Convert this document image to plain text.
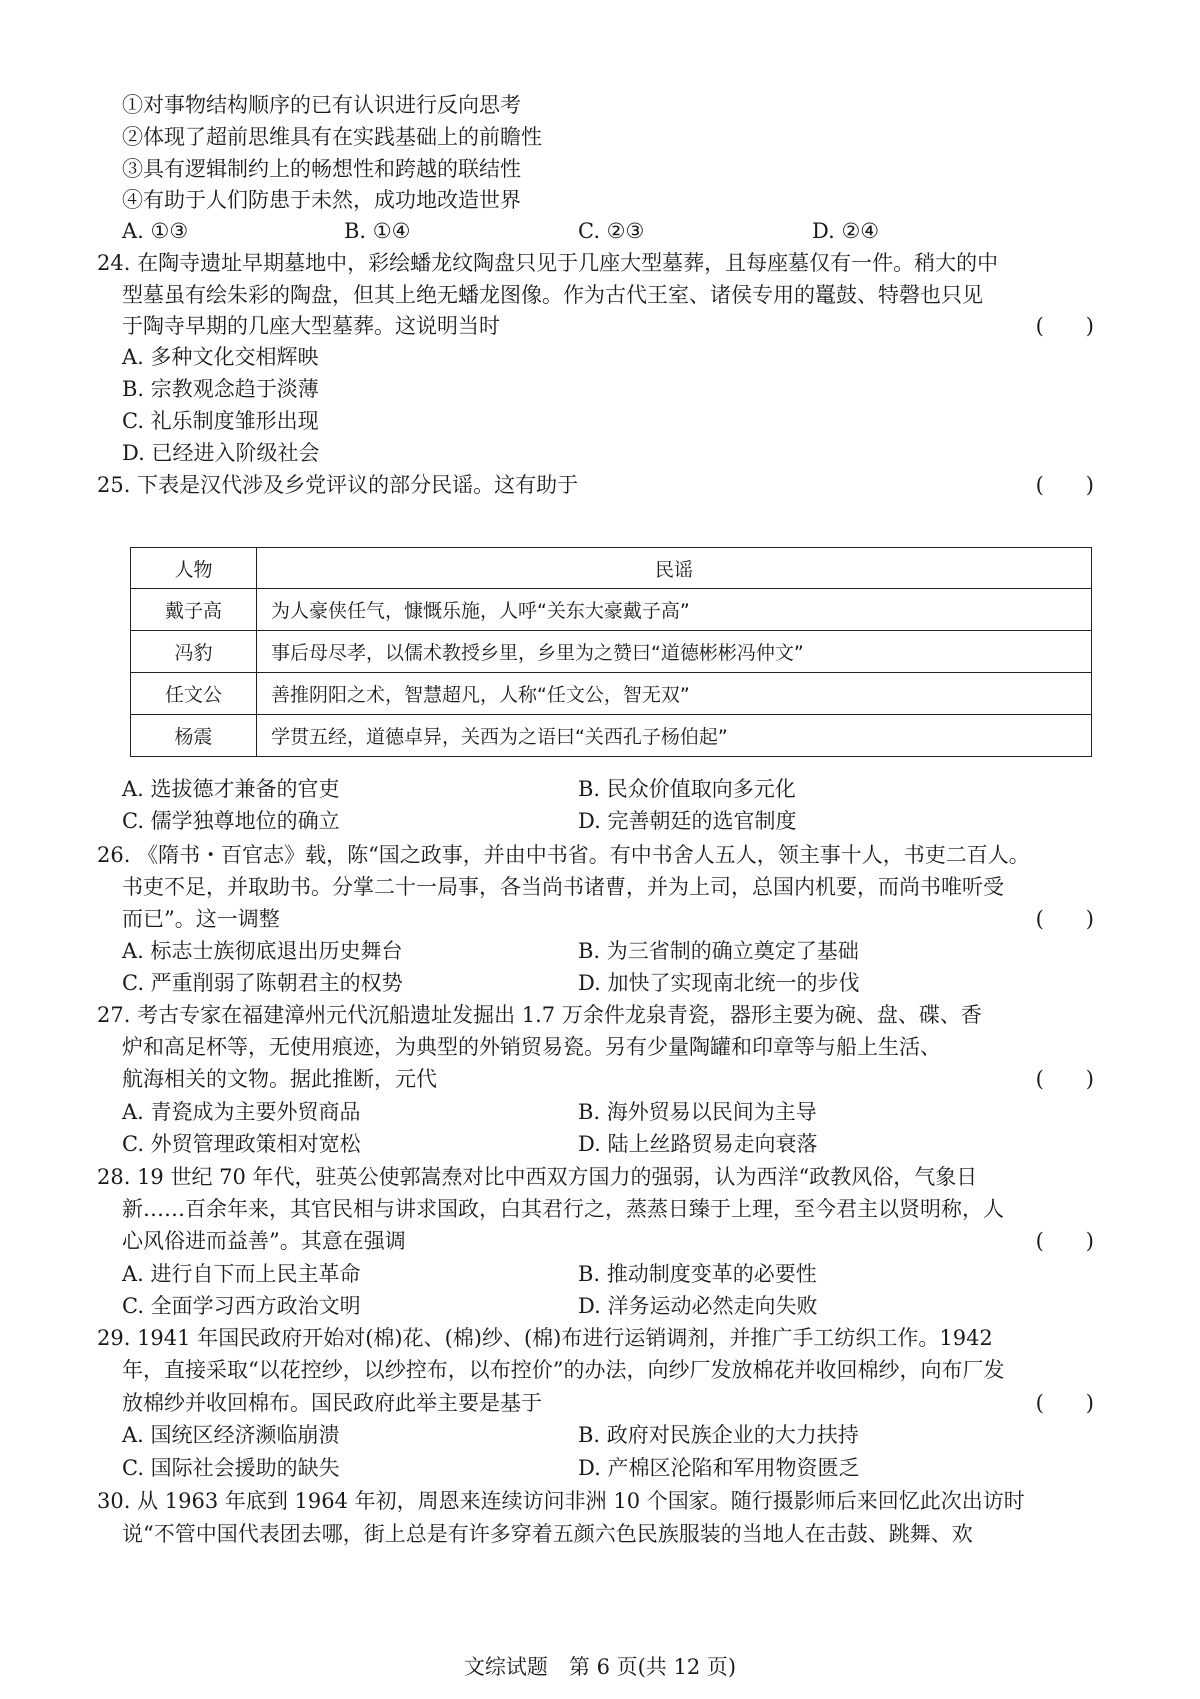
①对事物结构顺序的已有认识进行反向思考
②体现了超前思维具有在实践基础上的前瞻性
③具有逻辑制约上的畅想性和跨越的联结性
④有助于人们防患于未然，成功地改造世界
A. ①③	B. ①④	C. ②③	D. ②④
24. 在陶寺遗址早期墓地中，彩绘蟠龙纹陶盘只见于几座大型墓葬，且每座墓仅有一件。稍大的中
型墓虽有绘朱彩的陶盘，但其上绝无蟠龙图像。作为古代王室、诸侯专用的鼍鼓、特磬也只见
于陶寺早期的几座大型墓葬。这说明当时	(　　)
A. 多种文化交相辉映
B. 宗教观念趋于淡薄
C. 礼乐制度雏形出现
D. 已经进入阶级社会
25. 下表是汉代涉及乡党评议的部分民谣。这有助于	(　　)
人物	民谣
戴子高	为人豪侠任气，慷慨乐施，人呼“关东大豪戴子高”
冯豹	事后母尽孝，以儒术教授乡里，乡里为之赞曰“道德彬彬冯仲文”
任文公	善推阴阳之术，智慧超凡，人称“任文公，智无双”
杨震	学贯五经，道德卓异，关西为之语曰“关西孔子杨伯起”
A. 选拔德才兼备的官吏	B. 民众价值取向多元化
C. 儒学独尊地位的确立	D. 完善朝廷的选官制度
26. 《隋书・百官志》载，陈“国之政事，并由中书省。有中书舍人五人，领主事十人，书吏二百人。
书吏不足，并取助书。分掌二十一局事，各当尚书诸曹，并为上司，总国内机要，而尚书唯听受
而已”。这一调整	(　　)
A. 标志士族彻底退出历史舞台	B. 为三省制的确立奠定了基础
C. 严重削弱了陈朝君主的权势	D. 加快了实现南北统一的步伐
27. 考古专家在福建漳州元代沉船遗址发掘出 1.7 万余件龙泉青瓷，器形主要为碗、盘、碟、香
炉和高足杯等，无使用痕迹，为典型的外销贸易瓷。另有少量陶罐和印章等与船上生活、
航海相关的文物。据此推断，元代	(　　)
A. 青瓷成为主要外贸商品	B. 海外贸易以民间为主导
C. 外贸管理政策相对宽松	D. 陆上丝路贸易走向衰落
28. 19 世纪 70 年代，驻英公使郭嵩焘对比中西双方国力的强弱，认为西洋“政教风俗，气象日
新……百余年来，其官民相与讲求国政，白其君行之，蒸蒸日臻于上理，至今君主以贤明称，人
心风俗进而益善”。其意在强调	(　　)
A. 进行自下而上民主革命	B. 推动制度变革的必要性
C. 全面学习西方政治文明	D. 洋务运动必然走向失败
29. 1941 年国民政府开始对(棉)花、(棉)纱、(棉)布进行运销调剂，并推广手工纺织工作。1942
年，直接采取“以花控纱，以纱控布，以布控价”的办法，向纱厂发放棉花并收回棉纱，向布厂发
放棉纱并收回棉布。国民政府此举主要是基于	(　　)
A. 国统区经济濒临崩溃	B. 政府对民族企业的大力扶持
C. 国际社会援助的缺失	D. 产棉区沦陷和军用物资匮乏
30. 从 1963 年底到 1964 年初，周恩来连续访问非洲 10 个国家。随行摄影师后来回忆此次出访时
说“不管中国代表团去哪，街上总是有许多穿着五颜六色民族服装的当地人在击鼓、跳舞、欢
文综试题　第 6 页(共 12 页)
